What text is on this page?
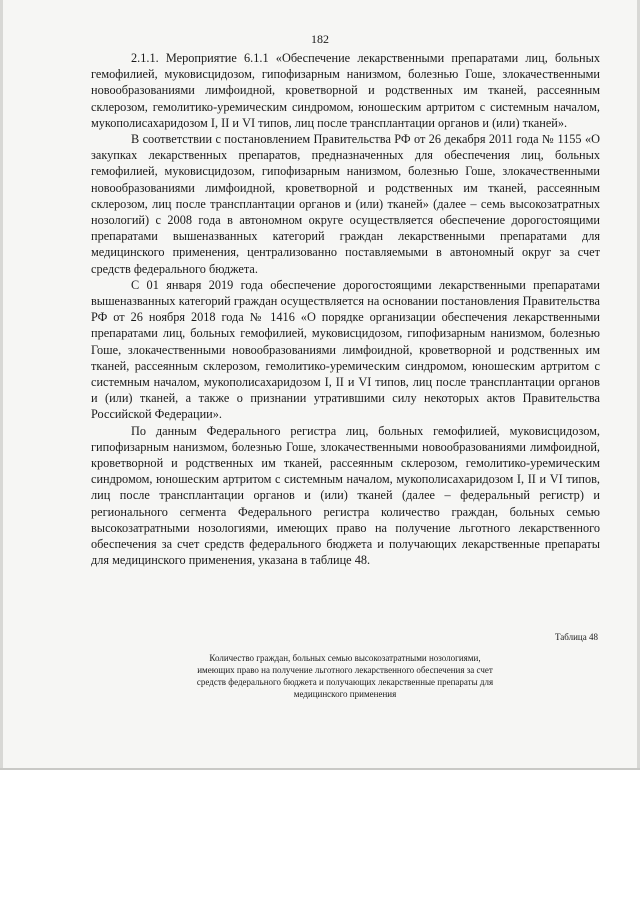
182

2.1.1. Мероприятие 6.1.1 «Обеспечение лекарственными препаратами лиц, больных гемофилией, муковисцидозом, гипофизарным нанизмом, болезнью Гоше, злокачественными новообразованиями лимфоидной, кроветворной и родственных им тканей, рассеянным склерозом, гемолитико-уремическим синдромом, юношеским артритом с системным началом, мукополисахаридозом I, II и VI типов, лиц после трансплантации органов и (или) тканей».

В соответствии с постановлением Правительства РФ от 26 декабря 2011 года № 1155 «О закупках лекарственных препаратов, предназначенных для обеспечения лиц, больных гемофилией, муковисцидозом, гипофизарным нанизмом, болезнью Гоше, злокачественными новообразованиями лимфоидной, кроветворной и родственных им тканей, рассеянным склерозом, лиц после трансплантации органов и (или) тканей» (далее – семь высокозатратных нозологий) с 2008 года в автономном округе осуществляется обеспечение дорогостоящими препаратами вышеназванных категорий граждан лекарственными препаратами для медицинского применения, централизованно поставляемыми в автономный округ за счет средств федерального бюджета.

С 01 января 2019 года обеспечение дорогостоящими лекарственными препаратами вышеназванных категорий граждан осуществляется на основании постановления Правительства РФ от 26 ноября 2018 года № 1416 «О порядке организации обеспечения лекарственными препаратами лиц, больных гемофилией, муковисцидозом, гипофизарным нанизмом, болезнью Гоше, злокачественными новообразованиями лимфоидной, кроветворной и родственных им тканей, рассеянным склерозом, гемолитико-уремическим синдромом, юношеским артритом с системным началом, мукополисахаридозом I, II и VI типов, лиц после трансплантации органов и (или) тканей, а также о признании утратившими силу некоторых актов Правительства Российской Федерации».

По данным Федерального регистра лиц, больных гемофилией, муковисцидозом, гипофизарным нанизмом, болезнью Гоше, злокачественными новообразованиями лимфоидной, кроветворной и родственных им тканей, рассеянным склерозом, гемолитико-уремическим синдромом, юношеским артритом с системным началом, мукополисахаридозом I, II и VI типов, лиц после трансплантации органов и (или) тканей (далее – федеральный регистр) и регионального сегмента Федерального регистра количество граждан, больных семью высокозатратными нозологиями, имеющих право на получение льготного лекарственного обеспечения за счет средств федерального бюджета и получающих лекарственные препараты для медицинского применения, указана в таблице 48.

Таблица 48
Количество граждан, больных семью высокозатратными нозологиями, имеющих право на получение льготного лекарственного обеспечения за счет средств федерального бюджета и получающих лекарственные препараты для медицинского применения
